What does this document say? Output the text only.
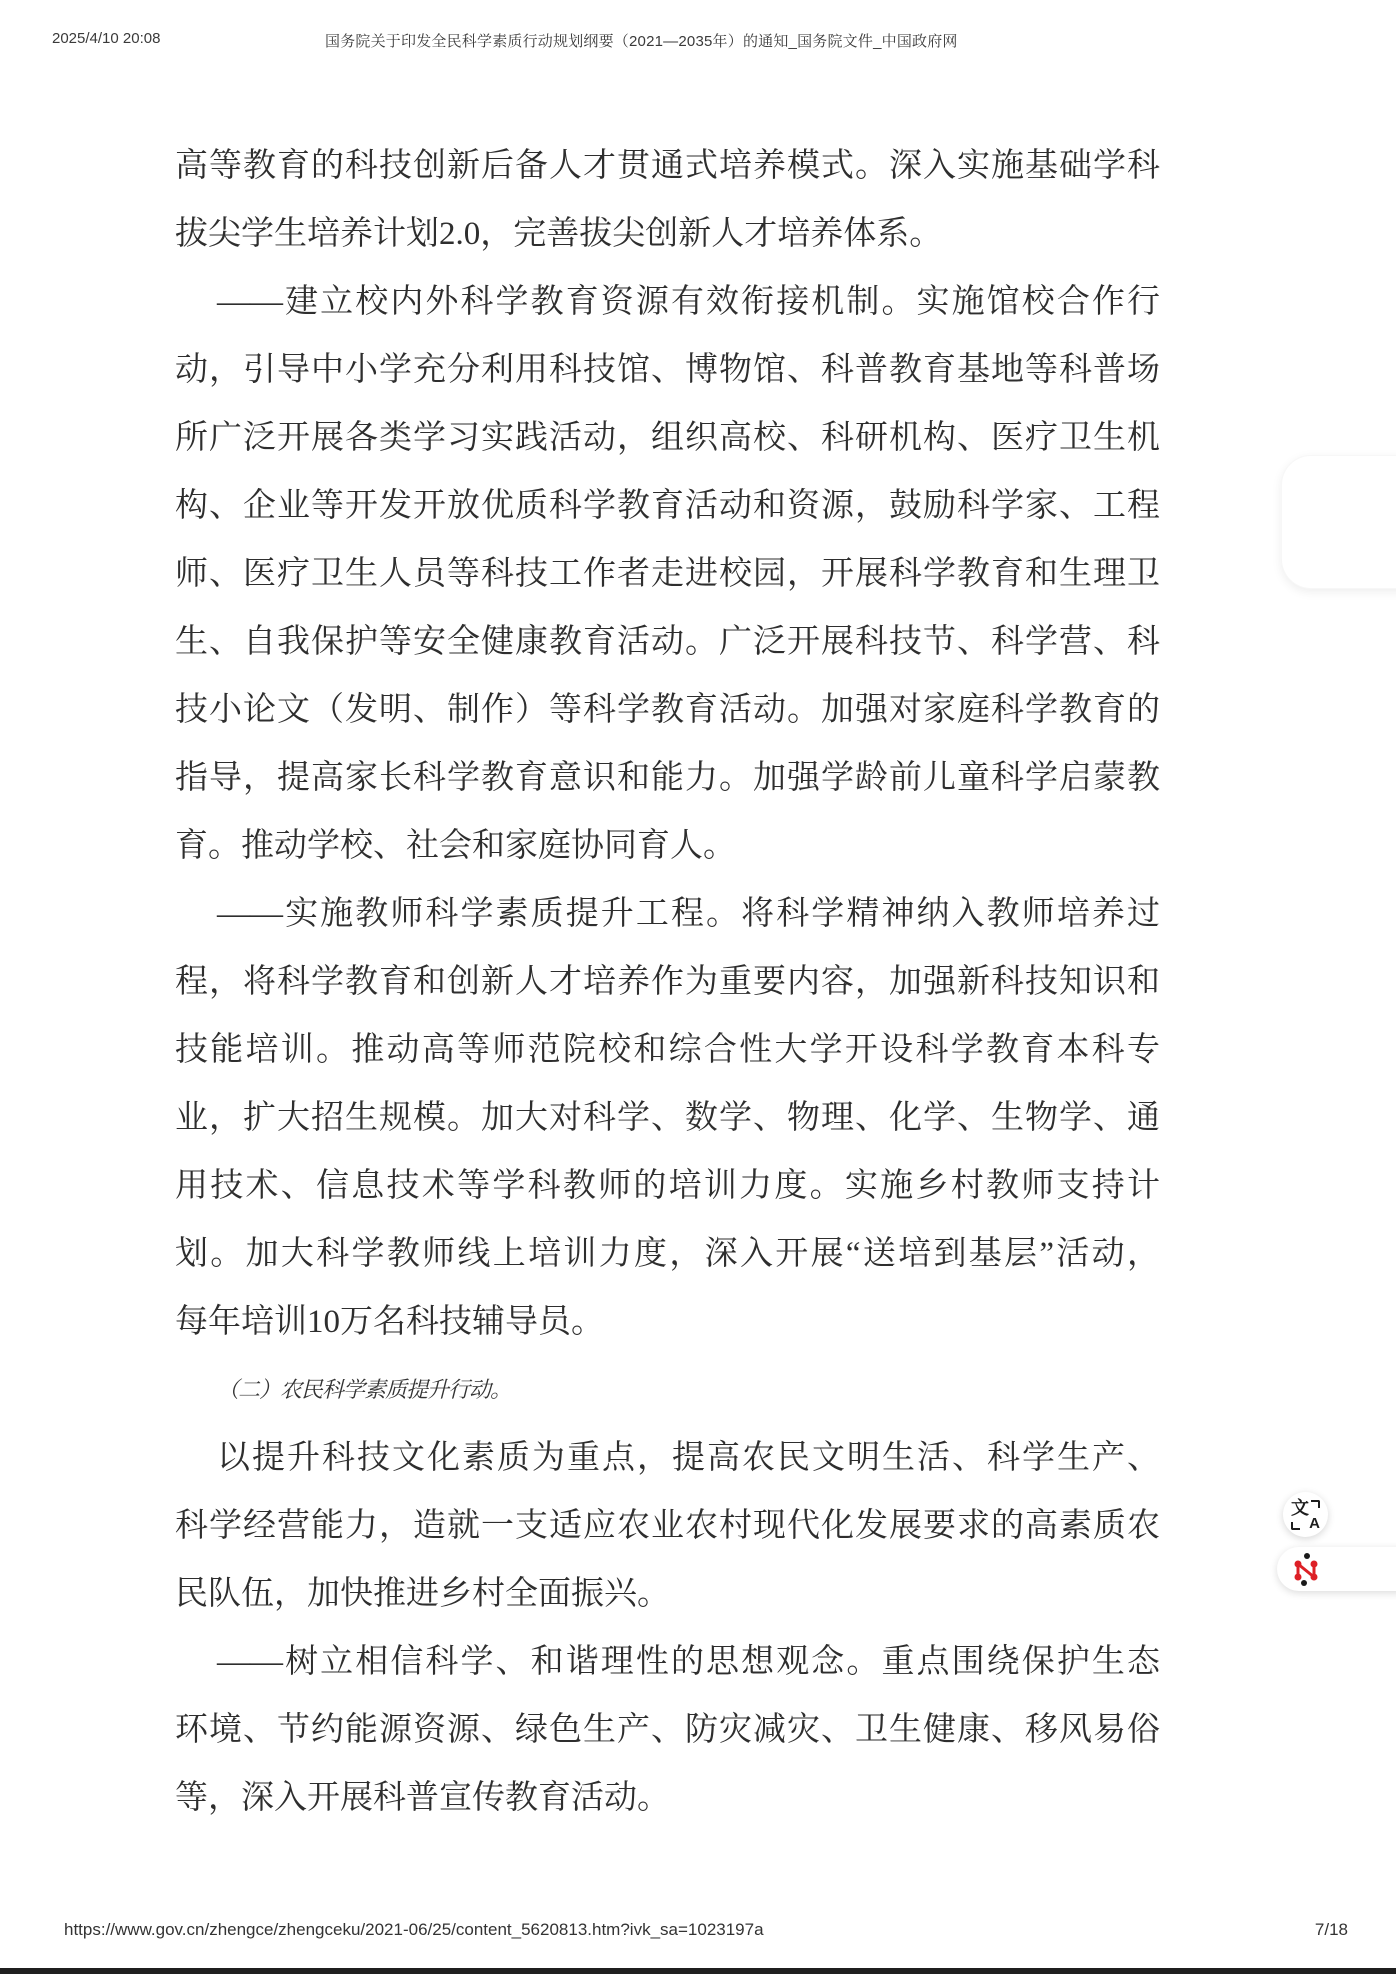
2025/4/10 20:08	国务院关于印发全民科学素质行动规划纲要（2021—2035年）的通知_国务院文件_中国政府网
高等教育的科技创新后备人才贯通式培养模式。深入实施基础学科
拔尖学生培养计划2.0，完善拔尖创新人才培养体系。
——建立校内外科学教育资源有效衔接机制。实施馆校合作行
动，引导中小学充分利用科技馆、博物馆、科普教育基地等科普场
所广泛开展各类学习实践活动，组织高校、科研机构、医疗卫生机
构、企业等开发开放优质科学教育活动和资源，鼓励科学家、工程
师、医疗卫生人员等科技工作者走进校园，开展科学教育和生理卫
生、自我保护等安全健康教育活动。广泛开展科技节、科学营、科
技小论文（发明、制作）等科学教育活动。加强对家庭科学教育的
指导，提高家长科学教育意识和能力。加强学龄前儿童科学启蒙教
育。推动学校、社会和家庭协同育人。
——实施教师科学素质提升工程。将科学精神纳入教师培养过
程，将科学教育和创新人才培养作为重要内容，加强新科技知识和
技能培训。推动高等师范院校和综合性大学开设科学教育本科专
业，扩大招生规模。加大对科学、数学、物理、化学、生物学、通
用技术、信息技术等学科教师的培训力度。实施乡村教师支持计
划。加大科学教师线上培训力度，深入开展“送培到基层”活动，
每年培训10万名科技辅导员。
（二）农民科学素质提升行动。
以提升科技文化素质为重点，提高农民文明生活、科学生产、
科学经营能力，造就一支适应农业农村现代化发展要求的高素质农
民队伍，加快推进乡村全面振兴。
——树立相信科学、和谐理性的思想观念。重点围绕保护生态
环境、节约能源资源、绿色生产、防灾减灾、卫生健康、移风易俗
等，深入开展科普宣传教育活动。
文
A
https://www.gov.cn/zhengce/zhengceku/2021-06/25/content_5620813.htm?ivk_sa=1023197a	7/18
